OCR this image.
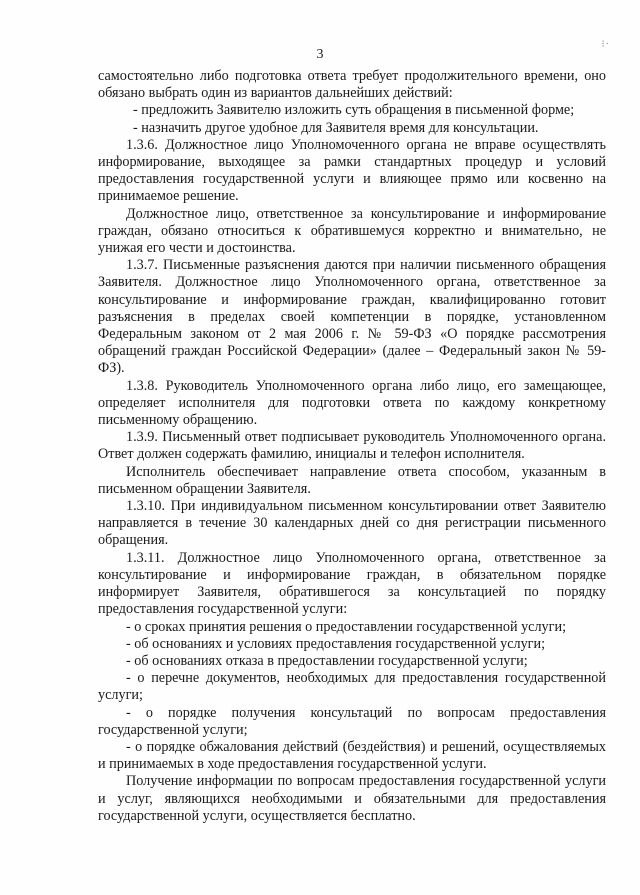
⁝·
3

самостоятельно либо подготовка ответа требует продолжительного времени, оно обязано выбрать один из вариантов дальнейших действий:

- предложить Заявителю изложить суть обращения в письменной форме;

- назначить другое удобное для Заявителя время для консультации.

1.3.6. Должностное лицо Уполномоченного органа не вправе осуществлять информирование, выходящее за рамки стандартных процедур и условий предоставления государственной услуги и влияющее прямо или косвенно на принимаемое решение.

Должностное лицо, ответственное за консультирование и информирование граждан, обязано относиться к обратившемуся корректно и внимательно, не унижая его чести и достоинства.

1.3.7. Письменные разъяснения даются при наличии письменного обращения Заявителя. Должностное лицо Уполномоченного органа, ответственное за консультирование и информирование граждан, квалифицированно готовит разъяснения в пределах своей компетенции в порядке, установленном Федеральным законом от 2 мая 2006 г. № 59-ФЗ «О порядке рассмотрения обращений граждан Российской Федерации» (далее – Федеральный закон № 59-ФЗ).

1.3.8. Руководитель Уполномоченного органа либо лицо, его замещающее, определяет исполнителя для подготовки ответа по каждому конкретному письменному обращению.

1.3.9. Письменный ответ подписывает руководитель Уполномоченного органа. Ответ должен содержать фамилию, инициалы и телефон исполнителя.

Исполнитель обеспечивает направление ответа способом, указанным в письменном обращении Заявителя.

1.3.10. При индивидуальном письменном консультировании ответ Заявителю направляется в течение 30 календарных дней со дня регистрации письменного обращения.

1.3.11. Должностное лицо Уполномоченного органа, ответственное за консультирование и информирование граждан, в обязательном порядке информирует Заявителя, обратившегося за консультацией по порядку предоставления государственной услуги:

- о сроках принятия решения о предоставлении государственной услуги;

- об основаниях и условиях предоставления государственной услуги;

- об основаниях отказа в предоставлении государственной услуги;

- о перечне документов, необходимых для предоставления государственной услуги;

- о порядке получения консультаций по вопросам предоставления государственной услуги;

- о порядке обжалования действий (бездействия) и решений, осуществляемых и принимаемых в ходе предоставления государственной услуги.

Получение информации по вопросам предоставления государственной услуги и услуг, являющихся необходимыми и обязательными для предоставления государственной услуги, осуществляется бесплатно.
